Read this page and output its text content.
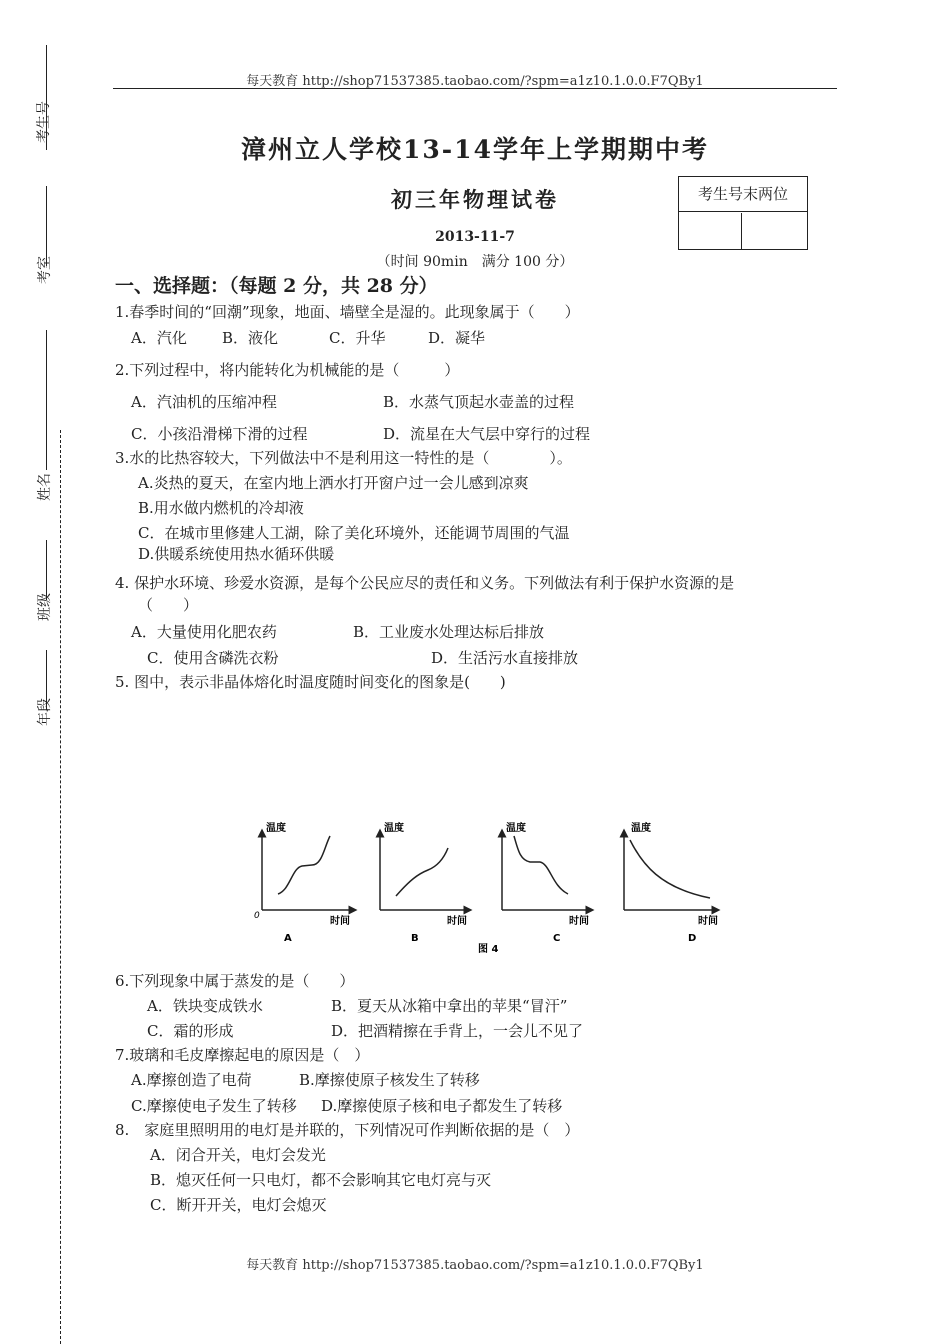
考生号
考室
姓名
班级
年段
每天教育 http://shop71537385.taobao.com/?spm=a1z10.1.0.0.F7QBy1
漳州立人学校13-14学年上学期期中考
初三年物理试卷
2013-11-7
（时间 90min　满分 100 分）
考生号末两位
一、选择题：（每题 2 分，共 28 分）
1.春季时间的“回潮”现象，地面、墙壁全是湿的。此现象属于（　　）
A．汽化 B．液化	C．升华	D．凝华
2.下列过程中，将内能转化为机械能的是（　　　）
A．汽油机的压缩冲程	B．水蒸气顶起水壶盖的过程
C．小孩沿滑梯下滑的过程	D．流星在大气层中穿行的过程
3.水的比热容较大，下列做法中不是利用这一特性的是（　　　　）。
A.炎热的夏天，在室内地上洒水打开窗户过一会儿感到凉爽
B.用水做内燃机的冷却液
C．在城市里修建人工湖，除了美化环境外，还能调节周围的气温
D.供暖系统使用热水循环供暖
4. 保护水环境、珍爱水资源，是每个公民应尽的责任和义务。下列做法有利于保护水资源的是
（　　）
A．大量使用化肥农药	B．工业废水处理达标后排放
C．使用含磷洗衣粉	D．生活污水直接排放
5. 图中，表示非晶体熔化时温度随时间变化的图象是(　　)
温度
时间
0
A
温度
时间
B
温度
时间
C
温度
时间
D
图 4
6.下列现象中属于蒸发的是（　　）
A．铁块变成铁水	B．夏天从冰箱中拿出的苹果“冒汗”
C．霜的形成	D．把酒精擦在手背上，一会儿不见了
7.玻璃和毛皮摩擦起电的原因是（　）
A.摩擦创造了电荷	B.摩擦使原子核发生了转移
C.摩擦使电子发生了转移 D.摩擦使原子核和电子都发生了转移
8.　家庭里照明用的电灯是并联的，下列情况可作判断依据的是（　）
A．闭合开关，电灯会发光
B．熄灭任何一只电灯，都不会影响其它电灯亮与灭
C．断开开关，电灯会熄灭
每天教育 http://shop71537385.taobao.com/?spm=a1z10.1.0.0.F7QBy1
